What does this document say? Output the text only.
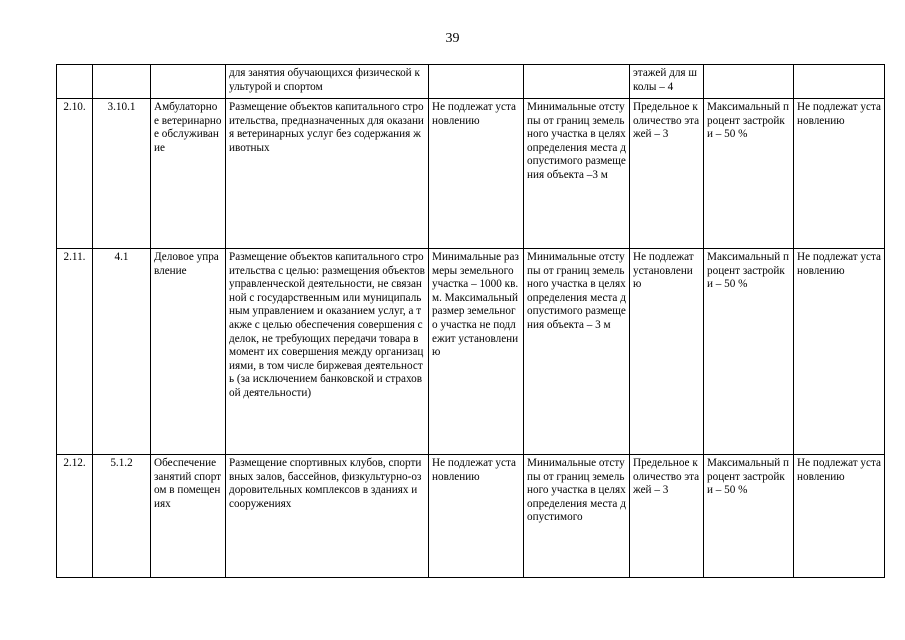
39
			для занятия обучающихся физической культурой и спортом			этажей для школы – 4		
2.10.	3.10.1	Амбулаторное ветеринарное обслуживание	Размещение объектов капитального строительства, предназначенных для оказания ветеринарных услуг без содержания животных	Не подлежат установлению	Минимальные отступы от границ земельного участка в целях определения места допустимого размещения объекта –3 м	Предельное количество этажей – 3	Максимальный процент застройки – 50 %	Не подлежат установлению
2.11.	4.1	Деловое управление	Размещение объектов капитального строительства с целью: размещения объектов управленческой деятельности, не связанной с государственным или муниципальным управлением и оказанием услуг, а также с целью обеспечения совершения сделок, не требующих передачи товара в момент их совершения между организациями, в том числе биржевая деятельность (за исключением банковской и страховой деятельности)	Минимальные размеры земельного участка – 1000 кв. м. Максимальный размер земельного участка не подлежит установлению	Минимальные отступы от границ земельного участка в целях определения места допустимого размещения объекта – 3 м	Не подлежат установлению	Максимальный процент застройки – 50 %	Не подлежат установлению
2.12.	5.1.2	Обеспечение занятий спортом в помещениях	Размещение спортивных клубов, спортивных залов, бассейнов, физкультурно-оздоровительных комплексов в зданиях и сооружениях	Не подлежат установлению	Минимальные отступы от границ земельного участка в целях определения места допустимого	Предельное количество этажей – 3	Максимальный процент застройки – 50 %	Не подлежат установлению
